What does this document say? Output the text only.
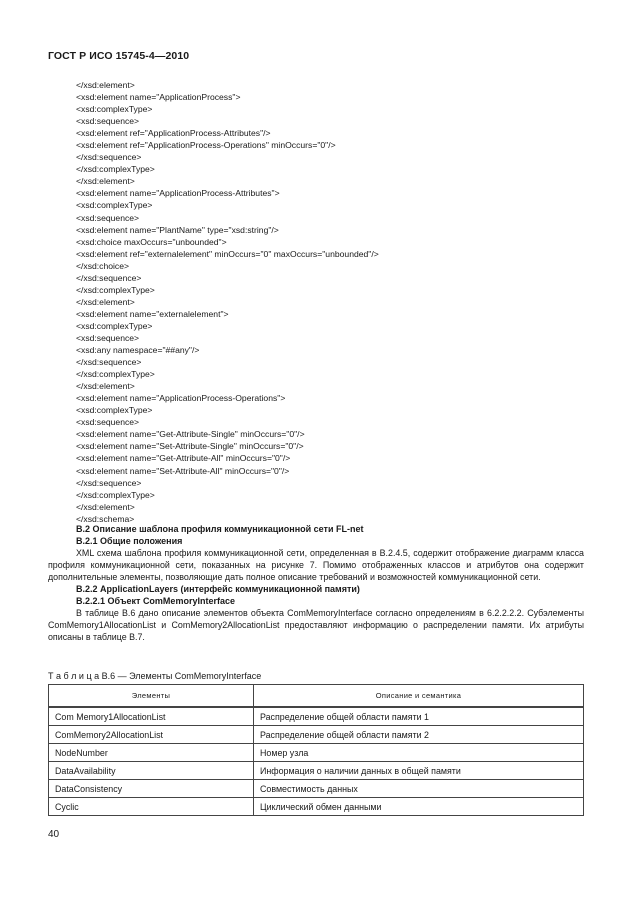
ГОСТ Р ИСО 15745-4—2010
</xsd:element>
<xsd:element name="ApplicationProcess">
<xsd:complexType>
<xsd:sequence>
<xsd:element ref="ApplicationProcess-Attributes"/>
<xsd:element ref="ApplicationProcess-Operations" minOccurs="0"/>
</xsd:sequence>
</xsd:complexType>
</xsd:element>
<xsd:element name="ApplicationProcess-Attributes">
<xsd:complexType>
<xsd:sequence>
<xsd:element name="PlantName" type="xsd:string"/>
<xsd:choice maxOccurs="unbounded">
<xsd:element ref="externalelement" minOccurs="0" maxOccurs="unbounded"/>
</xsd:choice>
</xsd:sequence>
</xsd:complexType>
</xsd:element>
<xsd:element name="externalelement">
<xsd:complexType>
<xsd:sequence>
<xsd:any namespace="##any"/>
</xsd:sequence>
</xsd:complexType>
</xsd:element>
<xsd:element name="ApplicationProcess-Operations">
<xsd:complexType>
<xsd:sequence>
<xsd:element name="Get-Attribute-Single" minOccurs="0"/>
<xsd:element name="Set-Attribute-Single" minOccurs="0"/>
<xsd:element name="Get-Attribute-All" minOccurs="0"/>
<xsd:element name="Set-Attribute-All" minOccurs="0"/>
</xsd:sequence>
</xsd:complexType>
</xsd:element>
</xsd:schema>
В.2 Описание шаблона профиля коммуникационной сети FL-net
В.2.1 Общие положения
XML схема шаблона профиля коммуникационной сети, определенная в В.2.4.5, содержит отображение диаграмм класса профиля коммуникационной сети, показанных на рисунке 7. Помимо отображенных классов и атрибутов она содержит дополнительные элементы, позволяющие дать полное описание требований и возможностей коммуникационной сети.
В.2.2 ApplicationLayers (интерфейс коммуникационной памяти)
В.2.2.1 Объект ComMemoryInterface
В таблице В.6 дано описание элементов объекта ComMemoryInterface согласно определениям в 6.2.2.2.2. Субэлементы ComMemory1AllocationList и ComMemory2AllocationList предоставляют информацию о распределении памяти. Их атрибуты описаны в таблице В.7.
Т а б л и ц а В.6 — Элементы ComMemoryInterface
Элементы	Описание и семантика
Com Memory1AllocationList	Распределение общей области памяти 1
ComMemory2AllocationList	Распределение общей области памяти 2
NodeNumber	Номер узла
DataAvailability	Информация о наличии данных в общей памяти
DataConsistency	Совместимость данных
Cyclic	Циклический обмен данными
40
